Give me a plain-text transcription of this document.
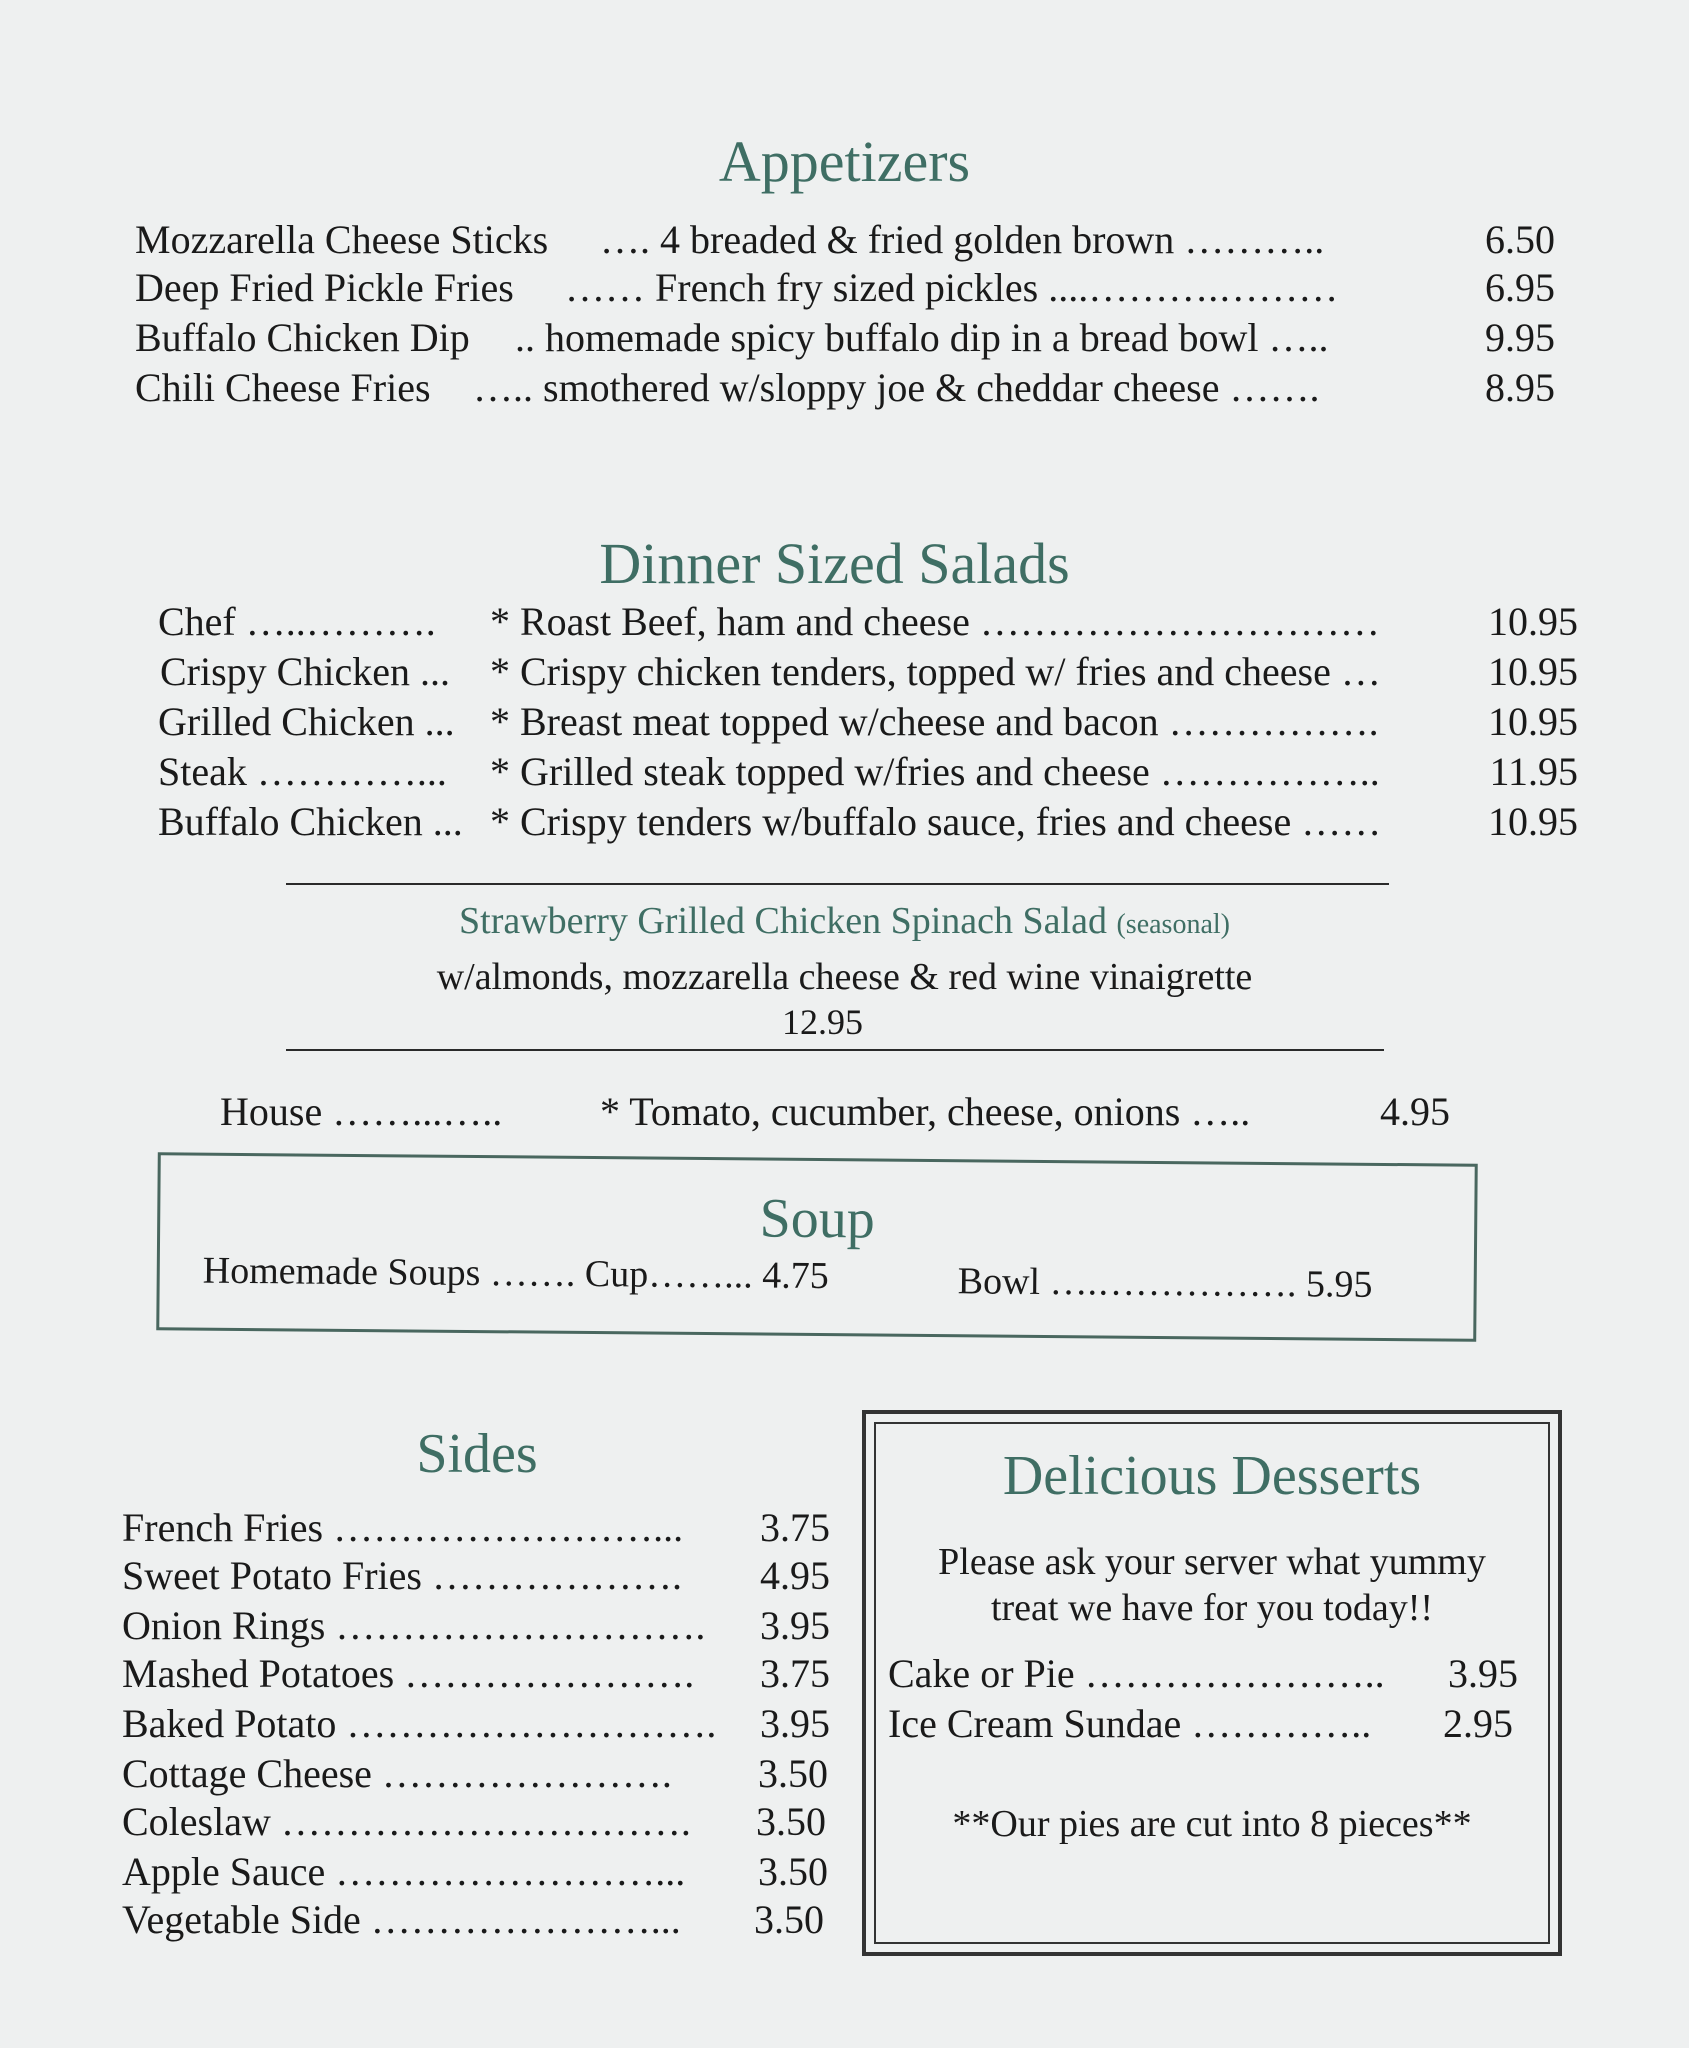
Appetizers
Mozzarella Cheese Sticks …. 4 breaded & fried golden brown ………..	6.50
Deep Fried Pickle Fries …… French fry sized pickles ....……….………	6.95
Buffalo Chicken Dip .. homemade spicy buffalo dip in a bread bowl …..	9.95
Chili Cheese Fries ….. smothered w/sloppy joe & cheddar cheese …….	8.95
Dinner Sized Salads
Chef …..………. * Roast Beef, ham and cheese …………………………	10.95
Crispy Chicken ... * Crispy chicken tenders, topped w/ fries and cheese …	10.95
Grilled Chicken ... * Breast meat topped w/cheese and bacon …………….	10.95
Steak …………... * Grilled steak topped w/fries and cheese ……………..	11.95
Buffalo Chicken ... * Crispy tenders w/buffalo sauce, fries and cheese ……	10.95
Strawberry Grilled Chicken Spinach Salad (seasonal)
w/almonds, mozzarella cheese & red wine vinaigrette
12.95
House ……...….. * Tomato, cucumber, cheese, onions …..	4.95
Soup
Homemade Soups ……. Cup……... 4.75	Bowl ….……………. 5.95
Sides
French Fries ……………………... 3.75
Sweet Potato Fries ………………. 4.95
Onion Rings ………………………. 3.95
Mashed Potatoes …………………. 3.75
Baked Potato ………………………. 3.95
Cottage Cheese …………………. 3.50
Coleslaw …………………………. 3.50
Apple Sauce ……………………... 3.50
Vegetable Side …………………... 3.50
Delicious Desserts
Please ask your server what yummy
treat we have for you today!!
Cake or Pie ………………….. 3.95
Ice Cream Sundae ………….. 2.95
**Our pies are cut into 8 pieces**
